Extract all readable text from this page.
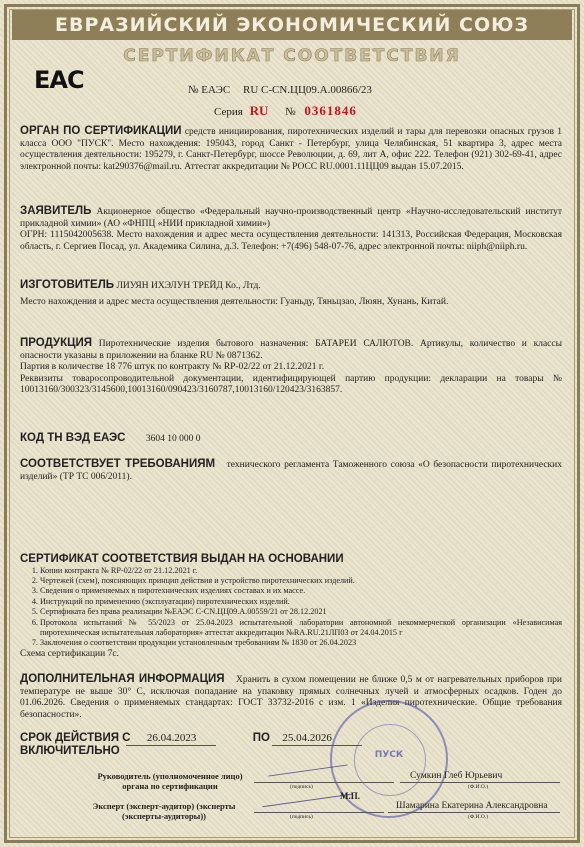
ЕВРАЗИЙСКИЙ ЭКОНОМИЧЕСКИЙ СОЮЗ
СЕРТИФИКАТ СООТВЕТСТВИЯ
ЕАС	№ ЕАЭС RU С-CN.ЦЦ09.А.00866/23
Серия RU № 0361846
ОРГАН ПО СЕРТИФИКАЦИИ средств инициирования, пиротехнических изделий и тары для перевозки опасных грузов 1 класса ООО "ПУСК". Место нахождения: 195043, город Санкт - Петербург, улица Челябинская, 51 квартира 3, адрес места осуществления деятельности: 195279, г. Санкт-Петербург, шоссе Революции, д. 69, лит А, офис 222. Телефон (921) 302-69-41, адрес электронной почты: kat290376@mail.ru. Аттестат аккредитации № РОСС RU.0001.11ЦЦ09 выдан 15.07.2015.
ЗАЯВИТЕЛЬ Акционерное общество «Федеральный научно-производственный центр «Научно-исследовательский институт прикладной химии» (АО «ФНПЦ «НИИ прикладной химии»)
ОГРН: 1115042005638. Место нахождения и адрес места осуществления деятельности: 141313, Российская Федерация, Московская область, г. Сергиев Посад, ул. Академика Силина, д.3. Телефон: +7(496) 548-07-76, адрес электронной почты: niiph@niiph.ru.
ИЗГОТОВИТЕЛЬ ЛИУЯН ИХЭЛУН ТРЕЙД Ко., Лтд.
Место нахождения и адрес места осуществления деятельности: Гуаньду, Тяньцзао, Люян, Хунань, Китай.
ПРОДУКЦИЯ Пиротехнические изделия бытового назначения: БАТАРЕИ САЛЮТОВ. Артикулы, количество и классы опасности указаны в приложении на бланке RU № 0871362.
Партия в количестве 18 776 штук по контракту № RP-02/22 от 21.12.2021 г.
Реквизиты товаросопроводительной документации, идентифицирующей партию продукции: декларации на товары № 10013160/300323/3145600,10013160/090423/3160787,10013160/120423/3163857.
КОД ТН ВЭД ЕАЭС 3604 10 000 0
СООТВЕТСТВУЕТ ТРЕБОВАНИЯМ технического регламента Таможенного союза «О безопасности пиротехнических изделий» (ТР ТС 006/2011).
СЕРТИФИКАТ СООТВЕТСТВИЯ ВЫДАН НА ОСНОВАНИИ
1. Копии контракта № RP-02/22 от 21.12.2021 г.
2. Чертежей (схем), поясняющих принцип действия и устройство пиротехнических изделий.
3. Сведения о применяемых в пиротехнических изделиях составах и их массе.
4. Инструкций по применению (эксплуатации) пиротехнических изделий.
5. Сертификата без права реализации №ЕАЭС С-CN.ЦЦ09.А.00559/21 от 28.12.2021
6. Протокола испытаний № 55/2023 от 25.04.2023 испытательной лаборатории автономной некоммерческой организации «Независимая пиротехническая испытательная лаборатория» аттестат аккредитации №RA.RU.21ЛП03 от 24.04.2015 г
7. Заключения о соответствии продукции установленным требованиям № 1830 от 26.04.2023
Схема сертификации 7с.
ДОПОЛНИТЕЛЬНАЯ ИНФОРМАЦИЯ Хранить в сухом помещении не ближе 0,5 м от нагревательных приборов при температуре не выше 30° С, исключая попадание на упаковку прямых солнечных лучей и атмосферных осадков. Годен до 01.06.2026. Сведения о применяемых стандартах: ГОСТ 33732-2016 с изм. 1 «Изделия пиротехнические. Общие требования безопасности».
СРОК ДЕЙСТВИЯ С 26.04.2023	ПО 25.04.2026
ВКЛЮЧИТЕЛЬНО	ПУСК
Руководитель (уполномоченное лицо) органа по сертификации
Сумкин Глеб Юрьевич
М.П.
(подпись)	(Ф.И.О.)
Эксперт (эксперт-аудитор) (эксперты (эксперты-аудиторы))
Шамарина Екатерина Александровна
(подпись)	(Ф.И.О.)
